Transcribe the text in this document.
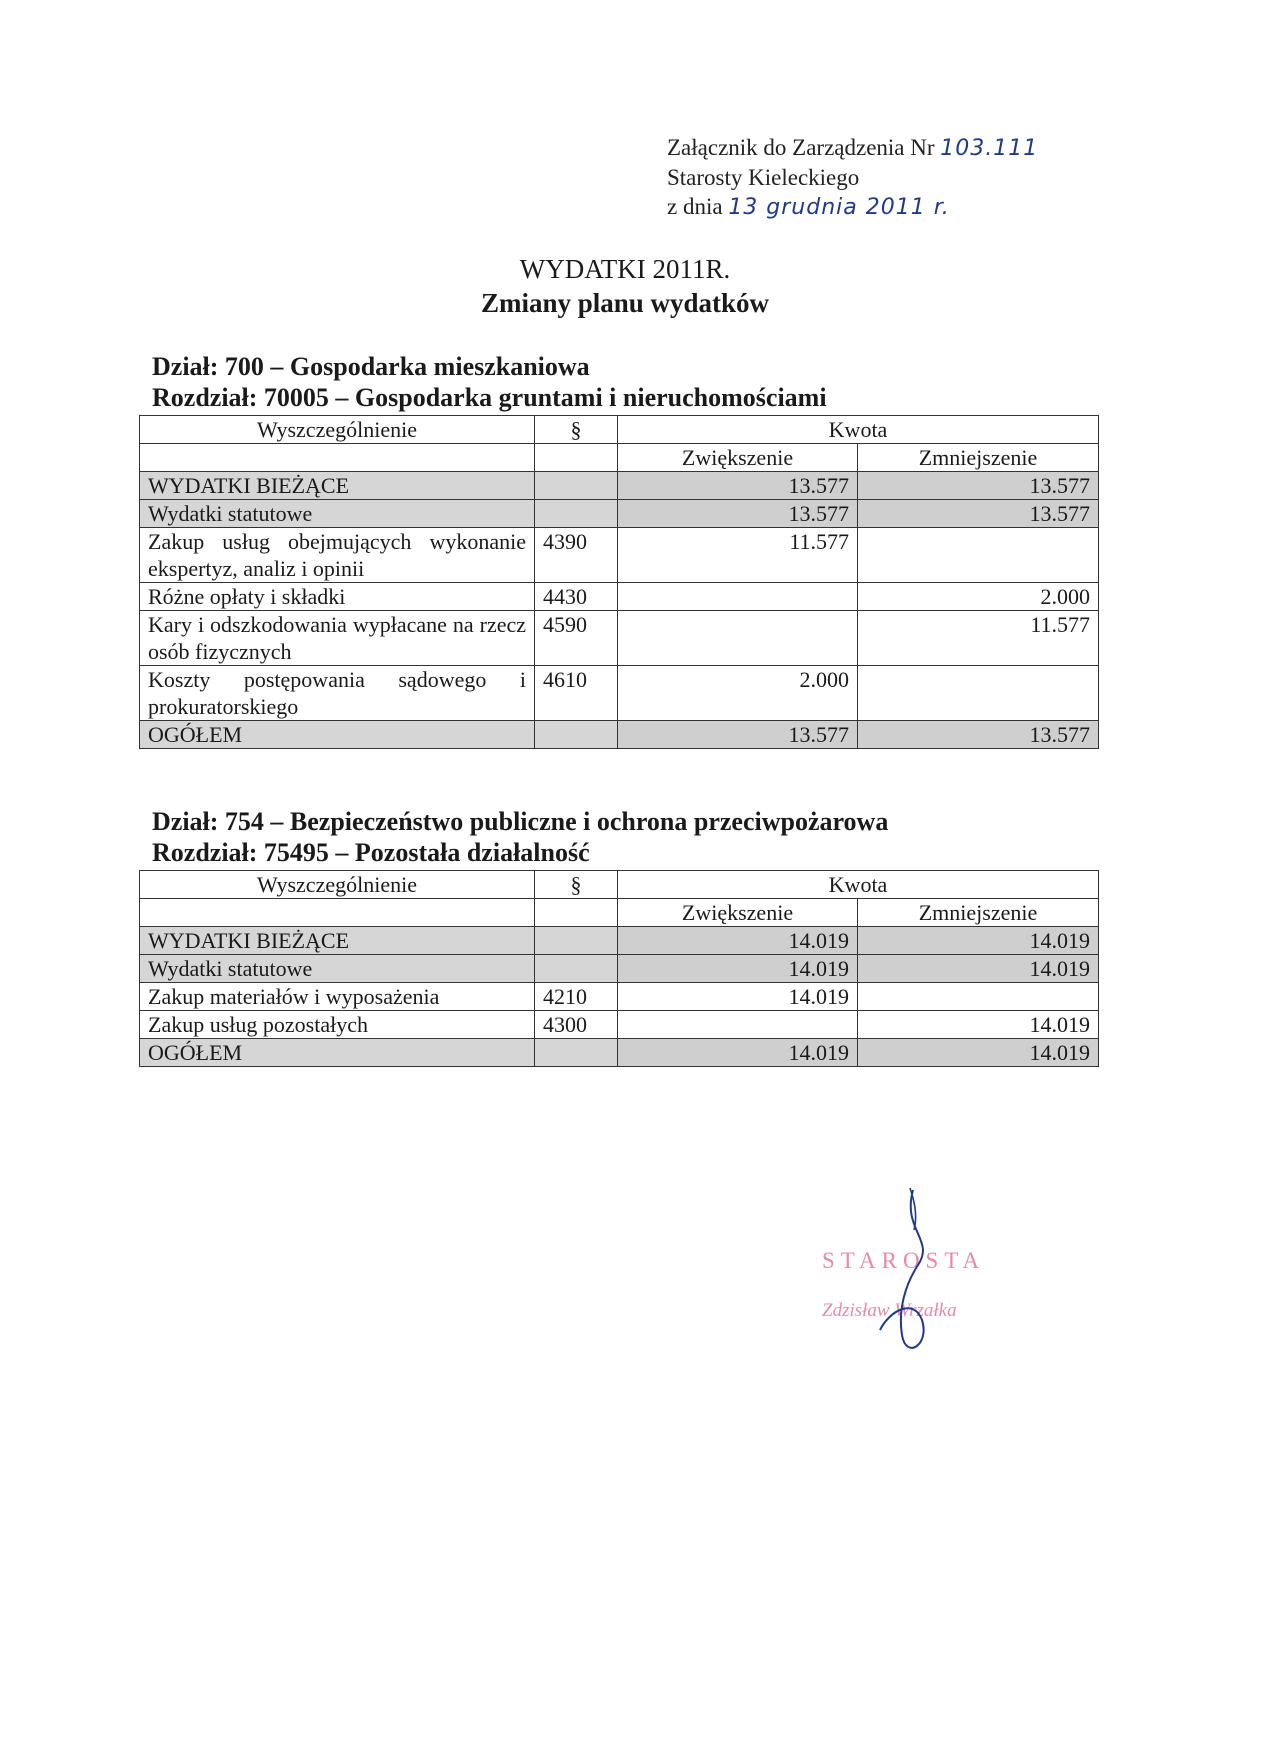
Załącznik do Zarządzenia Nr 103.111
Starosty Kieleckiego
z dnia 13 grudnia 2011 r.
WYDATKI 2011R.
Zmiany planu wydatków
Dział: 700 – Gospodarka mieszkaniowa
Rozdział: 70005 – Gospodarka gruntami i nieruchomościami
Wyszczególnienie	§	Kwota	
		Zwiększenie	Zmniejszenie
WYDATKI BIEŻĄCE		13.577	13.577
Wydatki statutowe		13.577	13.577
Zakup usług obejmujących wykonanie ekspertyz, analiz i opinii	4390	11.577	
Różne opłaty i składki	4430		2.000
Kary i odszkodowania wypłacane na rzecz osób fizycznych	4590		11.577
Koszty postępowania sądowego i prokuratorskiego	4610	2.000	
OGÓŁEM		13.577	13.577
Dział: 754 – Bezpieczeństwo publiczne i ochrona przeciwpożarowa
Rozdział: 75495 – Pozostała działalność
Wyszczególnienie	§	Kwota	
		Zwiększenie	Zmniejszenie
WYDATKI BIEŻĄCE		14.019	14.019
Wydatki statutowe		14.019	14.019
Zakup materiałów i wyposażenia	4210	14.019	
Zakup usług pozostałych	4300		14.019
OGÓŁEM		14.019	14.019
STAROSTA
Zdzisław Wrzałka
